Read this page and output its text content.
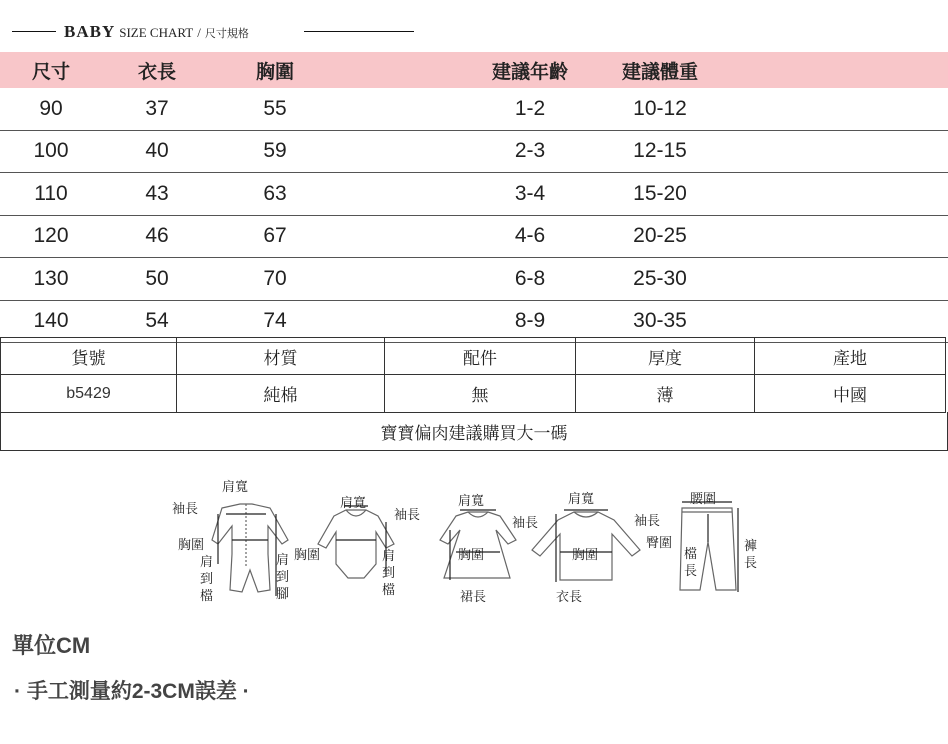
BABY SIZE CHART / 尺寸規格
尺寸	衣長	胸圍	建議年齡	建議體重
90	37	55	1-2	10-12
100	40	59	2-3	12-15
110	43	63	3-4	15-20
120	46	67	4-6	20-25
130	50	70	6-8	25-30
140	54	74	8-9	30-35
貨號	材質	配件	厚度	產地
b5429	純棉	無	薄	中國
寶寶偏肉建議購買大一碼
肩寬
袖長
胸圍
肩
到
檔
肩
到
腳
肩寬
袖長
胸圍	肩
到
檔
肩寬
袖長
胸圍
裙長
肩寬
袖長
胸圍
衣長
腰圍
臀圍
檔
長
褲
長
單位CM
· 手工測量約2-3CM誤差 ·
